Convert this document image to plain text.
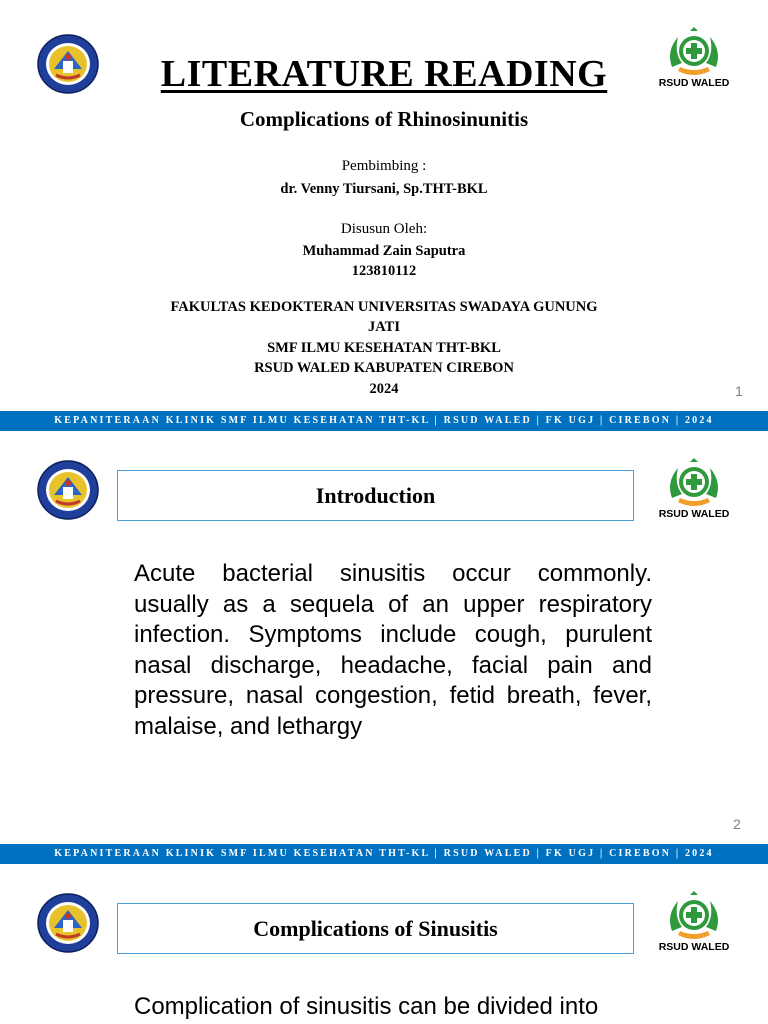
LITERATURE READING	RSUD WALED
Complications of Rhinosinunitis
Pembimbing :
dr. Venny Tiursani, Sp.THT-BKL
Disusun Oleh:
Muhammad Zain Saputra
123810112
FAKULTAS KEDOKTERAN UNIVERSITAS SWADAYA GUNUNG
JATI
SMF ILMU KESEHATAN THT-BKL
RSUD WALED KABUPATEN CIREBON
2024	1
KEPANITERAAN KLINIK SMF ILMU KESEHATAN THT-KL | RSUD WALED | FK UGJ | CIREBON | 2024
Introduction
RSUD WALED
Acute bacterial sinusitis occur commonly. usually as a sequela of an upper respiratory infection. Symptoms include cough, purulent nasal discharge, headache, facial pain and pressure, nasal congestion, fetid breath, fever, malaise, and lethargy
2
KEPANITERAAN KLINIK SMF ILMU KESEHATAN THT-KL | RSUD WALED | FK UGJ | CIREBON | 2024
Complications of Sinusitis
RSUD WALED
Complication of sinusitis can be divided into
